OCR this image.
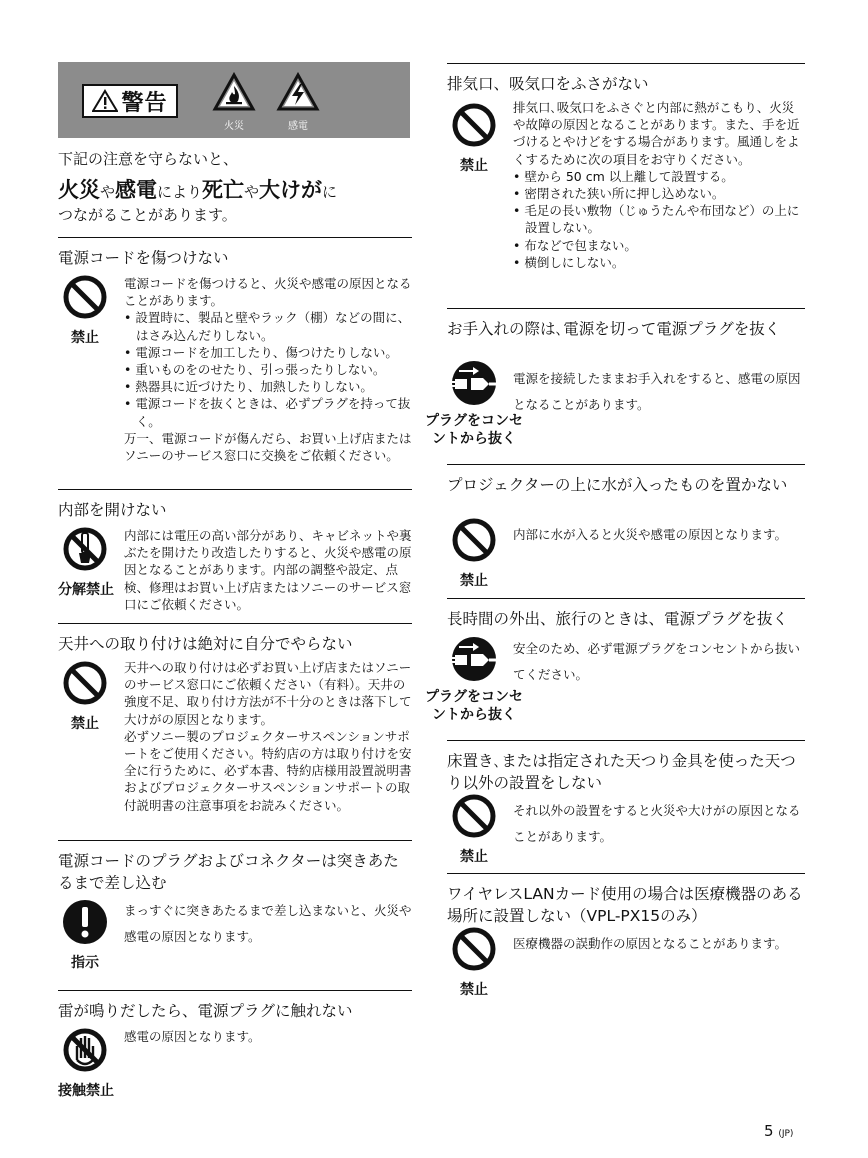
警告
火災	感電
下記の注意を守らないと、
火災や感電により死亡や大けがに
つながることがあります。
電源コードを傷つけない
禁止

電源コードを傷つけると、火災や感電の原因となることがあります。

• 設置時に、製品と壁やラック（棚）などの間に、はさみ込んだりしない。
• 電源コードを加工したり、傷つけたりしない。
• 重いものをのせたり、引っ張ったりしない。
• 熱器具に近づけたり、加熱したりしない。
• 電源コードを抜くときは、必ずプラグを持って抜く。

万一、電源コードが傷んだら、お買い上げ店またはソニーのサービス窓口に交換をご依頼ください。

内部を開けない
分解禁止

内部には電圧の高い部分があり、キャビネットや裏ぶたを開けたり改造したりすると、火災や感電の原因となることがあります。内部の調整や設定、点検、修理はお買い上げ店またはソニーのサービス窓口にご依頼ください。

天井への取り付けは絶対に自分でやらない
禁止

天井への取り付けは必ずお買い上げ店またはソニーのサービス窓口にご依頼ください（有料）。天井の強度不足、取り付け方法が不十分のときは落下して大けがの原因となります。

必ずソニー製のプロジェクターサスペンションサポートをご使用ください。特約店の方は取り付けを安全に行うために、必ず本書、特約店様用設置説明書およびプロジェクターサスペンションサポートの取付説明書の注意事項をお読みください。

電源コードのプラグおよびコネクターは突きあたるまで差し込む
指示

まっすぐに突きあたるまで差し込まないと、火災や感電の原因となります。

雷が鳴りだしたら、電源プラグに触れない
接触禁止

感電の原因となります。

排気口、吸気口をふさがない
禁止

排気口､吸気口をふさぐと内部に熱がこもり、火災や故障の原因となることがあります。また、手を近づけるとやけどをする場合があります。風通しをよくするために次の項目をお守りください。

• 壁から 50 cm 以上離して設置する。
• 密閉された狭い所に押し込めない。
• 毛足の長い敷物（じゅうたんや布団など）の上に設置しない。
• 布などで包まない。
• 横倒しにしない。
お手入れの際は､電源を切って電源プラグを抜く
プラグをコンセントから抜く

電源を接続したままお手入れをすると、感電の原因となることがあります。

プロジェクターの上に水が入ったものを置かない
禁止

内部に水が入ると火災や感電の原因となります。

長時間の外出、旅行のときは、電源プラグを抜く
プラグをコンセントから抜く

安全のため、必ず電源プラグをコンセントから抜いてください。

床置き､または指定された天つり金具を使った天つり以外の設置をしない
禁止

それ以外の設置をすると火災や大けがの原因となることがあります。

ワイヤレスLANカード使用の場合は医療機器のある場所に設置しない（VPL-PX15のみ）
禁止

医療機器の誤動作の原因となることがあります。

5 (JP)
